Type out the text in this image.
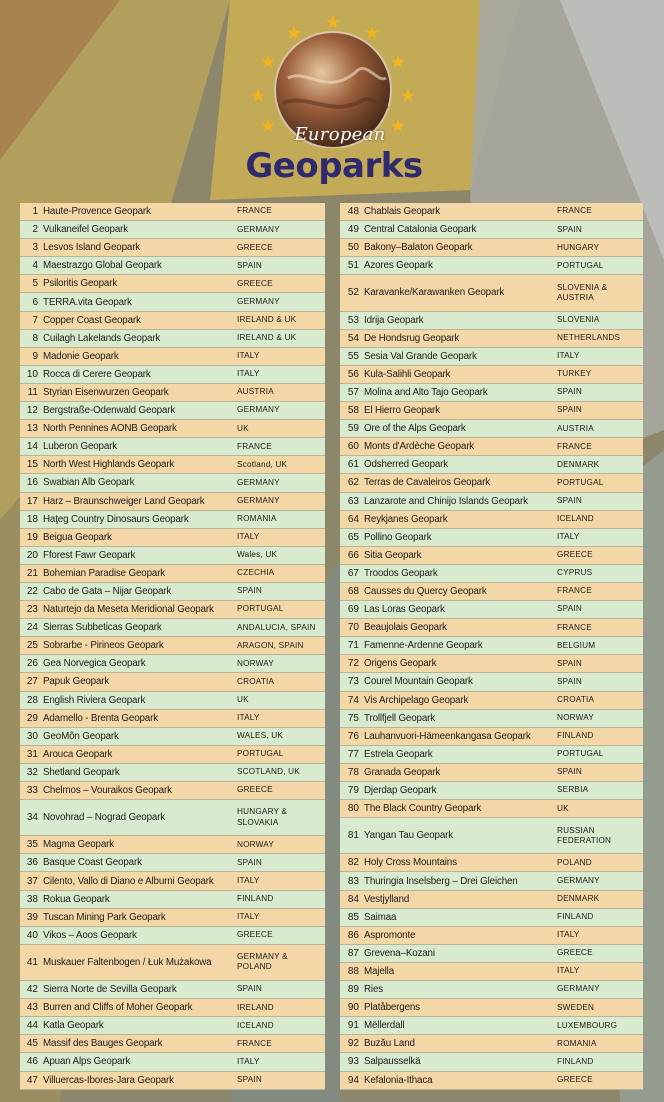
European
Geoparks
1 Haute-Provence Geopark	FRANCE
2 Vulkaneifel Geopark	GERMANY
3 Lesvos Island Geopark	GREECE
4 Maestrazgo Global Geopark	SPAIN
5 Psiloritis Geopark	GREECE
6 TERRA.vita Geopark	GERMANY
7 Copper Coast Geopark	IRELAND & UK
8 Cuilagh Lakelands Geopark	IRELAND & UK
9 Madonie Geopark	ITALY
10 Rocca di Cerere Geopark	ITALY
11 Styrian Eisenwurzen Geopark	AUSTRIA
12 Bergstraße-Odenwald Geopark	GERMANY
13 North Pennines AONB Geopark	UK
14 Luberon Geopark	FRANCE
15 North West Highlands Geopark	Scotland, UK
16 Swabian Alb Geopark	GERMANY
17 Harz – Braunschweiger Land Geopark	GERMANY
18 Haţeg Country Dinosaurs Geopark	ROMANIA
19 Beigua Geopark	ITALY
20 Fforest Fawr Geopark	Wales, UK
21 Bohemian Paradise Geopark	CZECHIA
22 Cabo de Gata – Nijar Geopark	SPAIN
23 Naturtejo da Meseta Meridional Geopark	PORTUGAL
24 Sierras Subbeticas Geopark	ANDALUCIA, SPAIN
25 Sobrarbe - Pirineos Geopark	ARAGON, SPAIN
26 Gea Norvegica Geopark	NORWAY
27 Papuk Geopark	CROATIA
28 English Riviera Geopark	UK
29 Adamello - Brenta Geopark	ITALY
30 GeoMôn Geopark	WALES, UK
31 Arouca Geopark	PORTUGAL
32 Shetland Geopark	SCOTLAND, UK
33 Chelmos – Vouraikos Geopark	GREECE
34 Novohrad – Nograd Geopark
HUNGARY & SLOVAKIA
35 Magma Geopark	NORWAY
36 Basque Coast Geopark	SPAIN
37 Cilento, Vallo di Diano e Alburni Geopark	ITALY
38 Rokua Geopark	FINLAND
39 Tuscan Mining Park Geopark	ITALY
40 Vikos – Aoos Geopark	GREECE
41 Muskauer Faltenbogen / Łuk Mużakowa
GERMANY & POLAND
42 Sierra Norte de Sevilla Geopark	SPAIN
43 Burren and Cliffs of Moher Geopark	IRELAND
44 Katla Geopark	ICELAND
45 Massif des Bauges Geopark	FRANCE
46 Apuan Alps Geopark	ITALY
47 Villuercas-Ibores-Jara Geopark	SPAIN
48 Chablais Geopark	FRANCE
49 Central Catalonia Geopark	SPAIN
50 Bakony–Balaton Geopark	HUNGARY
51 Azores Geopark	PORTUGAL
52 Karavanke/Karawanken Geopark
SLOVENIA & AUSTRIA
53 Idrija Geopark	SLOVENIA
54 De Hondsrug Geopark	NETHERLANDS
55 Sesia Val Grande Geopark	ITALY
56 Kula-Salihli Geopark	TURKEY
57 Molina and Alto Tajo Geopark	SPAIN
58 El Hierro Geopark	SPAIN
59 Ore of the Alps Geopark	AUSTRIA
60 Monts d'Ardèche Geopark	FRANCE
61 Odsherred Geopark	DENMARK
62 Terras de Cavaleiros Geopark	PORTUGAL
63 Lanzarote and Chinijo Islands Geopark	SPAIN
64 Reykjanes Geopark	ICELAND
65 Pollino Geopark	ITALY
66 Sitia Geopark	GREECE
67 Troodos Geopark	CYPRUS
68 Causses du Quercy Geopark	FRANCE
69 Las Loras Geopark	SPAIN
70 Beaujolais Geopark	FRANCE
71 Famenne-Ardenne Geopark	BELGIUM
72 Origens Geopark	SPAIN
73 Courel Mountain Geopark	SPAIN
74 Vis Archipelago Geopark	CROATIA
75 Trollfjell Geopark	NORWAY
76 Lauhanvuori-Hämeenkangasa Geopark	FINLAND
77 Estrela Geopark	PORTUGAL
78 Granada Geopark	SPAIN
79 Djerdap Geopark	SERBIA
80 The Black Country Geopark	UK
81 Yangan Tau Geopark
RUSSIAN FEDERATION
82 Holy Cross Mountains	POLAND
83 Thuringia Inselsberg – Drei Gleichen	GERMANY
84 Vestjylland	DENMARK
85 Saimaa	FINLAND
86 Aspromonte	ITALY
87 Grevena–Kozani	GREECE
88 Majella	ITALY
89 Ries	GERMANY
90 Platåbergens	SWEDEN
91 Mëllerdall	LUXEMBOURG
92 Buzău Land	ROMANIA
93 Salpausselkä	FINLAND
94 Kefalonia-Ithaca	GREECE
